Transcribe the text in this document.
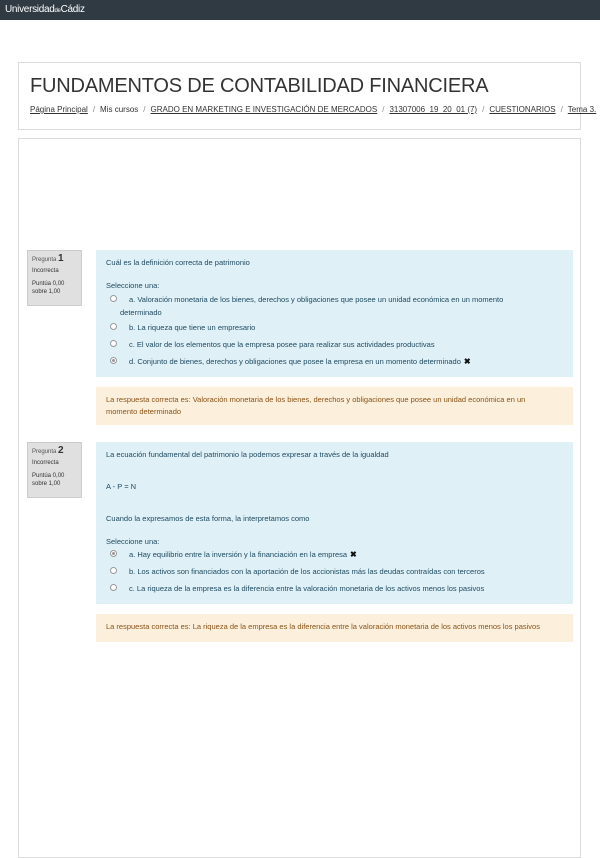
UniversidaddeCádiz
FUNDAMENTOS DE CONTABILIDAD FINANCIERA
Página Principal / Mis cursos / GRADO EN MARKETING E INVESTIGACIÓN DE MERCADOS / 31307006_19_20_01 (7) / CUESTIONARIOS / Tema 3.
Pregunta 1
Incorrecta
Puntúa 0,00 sobre 1,00
Cuál es la definición correcta de patrimonio
Seleccione una:
a. Valoración monetaria de los bienes, derechos y obligaciones que posee un unidad económica en un momento
determinado
b. La riqueza que tiene un empresario
c. El valor de los elementos que la empresa posee para realizar sus actividades productivas
d. Conjunto de bienes, derechos y obligaciones que posee la empresa en un momento determinado ✖
La respuesta correcta es: Valoración monetaria de los bienes, derechos y obligaciones que posee un unidad económica en un
momento determinado
Pregunta 2
Incorrecta
Puntúa 0,00 sobre 1,00
La ecuación fundamental del patrimonio la podemos expresar a través de la igualdad
A - P = N
Cuando la expresamos de esta forma, la interpretamos como
Seleccione una:
a. Hay equilibrio entre la inversión y la financiación en la empresa ✖
b. Los activos son financiados con la aportación de los accionistas más las deudas contraídas con terceros
c. La riqueza de la empresa es la diferencia entre la valoración monetaria de los activos menos los pasivos
La respuesta correcta es: La riqueza de la empresa es la diferencia entre la valoración monetaria de los activos menos los pasivos
